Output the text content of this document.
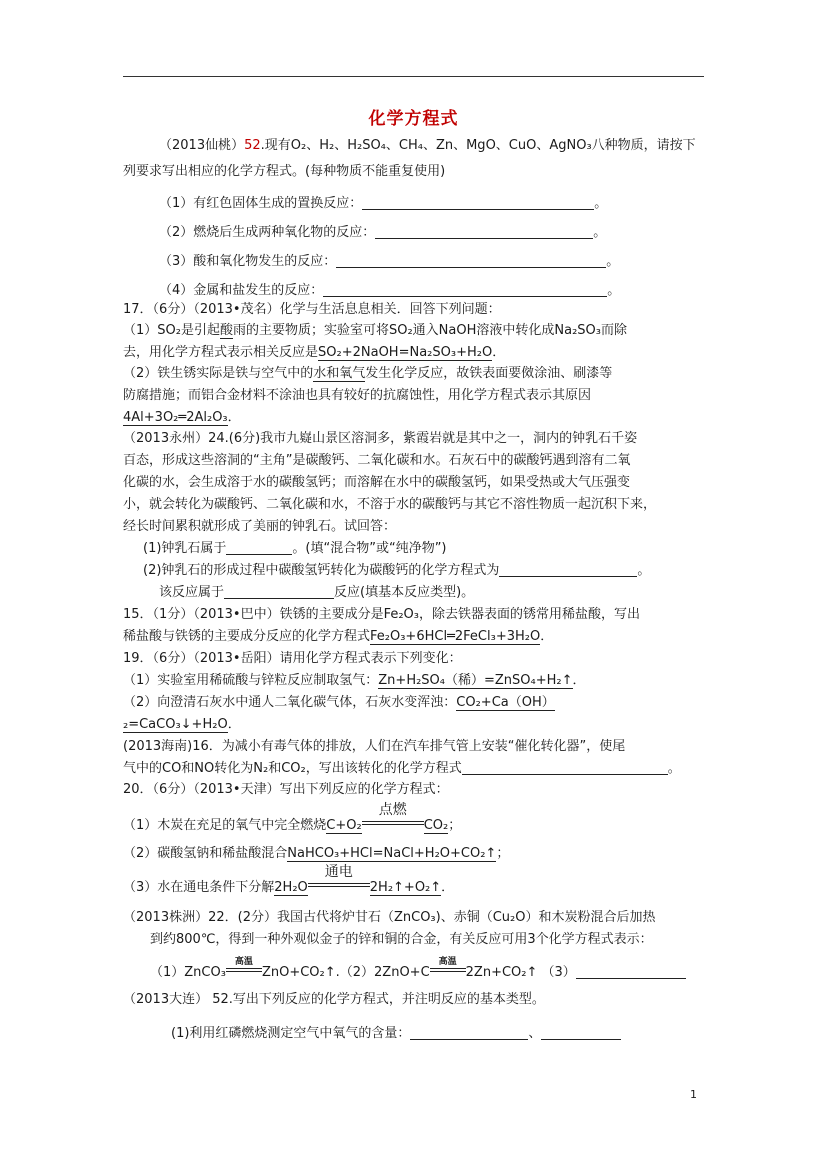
化学方程式
（2013仙桃）52.现有O₂、H₂、H₂SO₄、CH₄、Zn、MgO、CuO、AgNO₃八种物质，请按下
列要求写出相应的化学方程式。(每种物质不能重复使用)
（1）有红色固体生成的置换反应：	。
（2）燃烧后生成两种氧化物的反应：	。
（3）酸和氧化物发生的反应：	。
（4）金属和盐发生的反应：	。
17．（6分）（2013•茂名）化学与生活息息相关．回答下列问题：
（1）SO₂是引起酸雨的主要物质；实验室可将SO₂通入NaOH溶液中转化成Na₂SO₃而除
去，用化学方程式表示相关反应是SO₂+2NaOH=Na₂SO₃+H₂O．
（2）铁生锈实际是铁与空气中的水和氧气发生化学反应，故铁表面要傚涂油、刷漆等
防腐措施；而铝合金材料不涂油也具有较好的抗腐蚀性，用化学方程式表示其原因
4Al+3O₂═2Al₂O₃．
（2013永州）24.(6分)我市九嶷山景区溶洞多，紫霞岩就是其中之一，洞内的钟乳石千姿
百态，形成这些溶洞的“主角”是碳酸钙、二氧化碳和水。石灰石中的碳酸钙遇到溶有二氧
化碳的水，会生成溶于水的碳酸氢钙；而溶解在水中的碳酸氢钙，如果受热或大气压强变
小，就会转化为碳酸钙、二氧化碳和水，不溶于水的碳酸钙与其它不溶性物质一起沉积下来，
经长时间累积就形成了美丽的钟乳石。试回答：
(1)钟乳石属于	。(填“混合物”或“纯净物”)
(2)钟乳石的形成过程中碳酸氢钙转化为碳酸钙的化学方程式为	。
该反应属于	反应(填基本反应类型)。
15．（1分）（2013•巴中）铁锈的主要成分是Fe₂O₃，除去铁器表面的锈常用稀盐酸，写出
稀盐酸与铁锈的主要成分反应的化学方程式Fe₂O₃+6HCl═2FeCl₃+3H₂O．
19．（6分）（2013•岳阳）请用化学方程式表示下列变化：
（1）实验室用稀硫酸与锌粒反应制取氢气：Zn+H₂SO₄（稀）=ZnSO₄+H₂↑．
（2）向澄清石灰水中通人二氧化碳气体，石灰水变浑浊：CO₂+Ca（OH）
₂=CaCO₃↓+H₂O．
(2013海南)16．为减小有毒气体的排放，人们在汽车排气管上安装“催化转化器”，使尾
气中的CO和NO转化为N₂和CO₂，写出该转化的化学方程式	。
20．（6分）（2013•天津）写出下列反应的化学方程式：
（1）木炭在充足的氧气中完全燃烧C+O₂
点燃
CO₂；
（2）碳酸氢钠和稀盐酸混合NaHCO₃+HCl=NaCl+H₂O+CO₂↑；
（3）水在通电条件下分解2H₂O
通电
2H₂↑+O₂↑．
（2013株洲）22．(2分）我国古代将炉甘石（ZnCO₃)、赤铜（Cu₂O）和木炭粉混合后加热
到约800℃，得到一种外观似金子的锌和铜的合金，有关反应可用3个化学方程式表示：
（1）ZnCO₃
高温
ZnO+CO₂↑.（2）2ZnO+C
高温
2Zn+CO₂↑ （3）
（2013大连） 52.写出下列反应的化学方程式，并注明反应的基本类型。
(1)利用红磷燃烧测定空气中氧气的含量：	、
1
